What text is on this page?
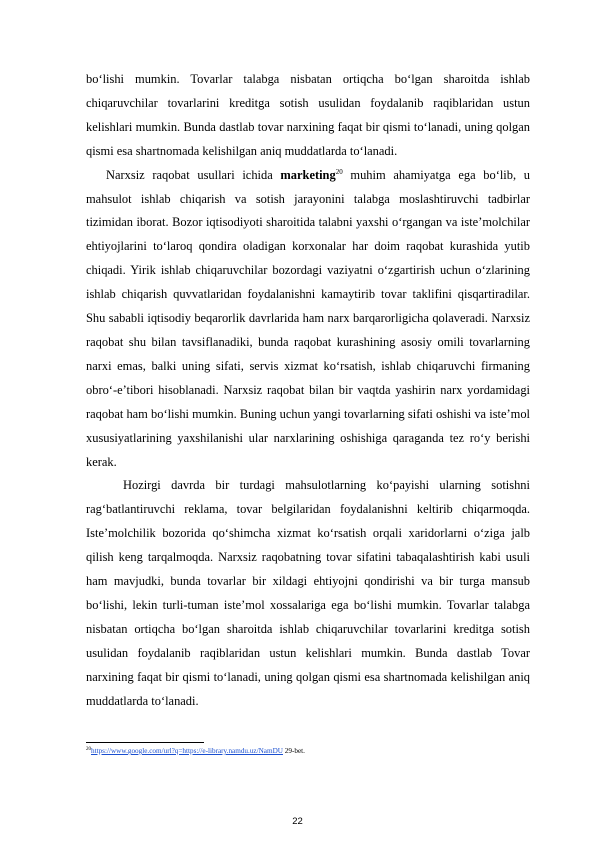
bo‘lishi mumkin. Tovarlar talabga nisbatan ortiqcha bo‘lgan sharoitda ishlab chiqaruvchilar tovarlarini kreditga sotish usulidan foydalanib raqiblaridan ustun kelishlari mumkin. Bunda dastlab tovar narxining faqat bir qismi to‘lanadi, uning qolgan qismi esa shartnomada kelishilgan aniq muddatlarda to‘lanadi.

Narxsiz raqobat usullari ichida marketing$^{20}$ muhim ahamiyatga ega bo‘lib, u mahsulot ishlab chiqarish va sotish jarayonini talabga moslashtiruvchi tadbirlar tizimidan iborat. Bozor iqtisodiyoti sharoitida talabni yaxshi o‘rgangan va iste’molchilar ehtiyojlarini to‘laroq qondira oladigan korxonalar har doim raqobat kurashida yutib chiqadi. Yirik ishlab chiqaruvchilar bozordagi vaziyatni o‘zgartirish uchun o‘zlarining ishlab chiqarish quvvatlaridan foydalanishni kamaytirib tovar taklifini qisqartiradilar. Shu sababli iqtisodiy beqarorlik davrlarida ham narx barqarorligicha qolaveradi. Narxsiz raqobat shu bilan tavsiflanadiki, bunda raqobat kurashining asosiy omili tovarlarning narxi emas, balki uning sifati, servis xizmat ko‘rsatish, ishlab chiqaruvchi firmaning obro‘-e’tibori hisoblanadi. Narxsiz raqobat bilan bir vaqtda yashirin narx yordamidagi raqobat ham bo‘lishi mumkin. Buning uchun yangi tovarlarning sifati oshishi va iste’mol xususiyatlarining yaxshilanishi ular narxlarining oshishiga qaraganda tez ro‘y berishi kerak.

Hozirgi davrda bir turdagi mahsulotlarning ko‘payishi ularning sotishni rag‘batlantiruvchi reklama, tovar belgilaridan foydalanishni keltirib chiqarmoqda. Iste’molchilik bozorida qo‘shimcha xizmat ko‘rsatish orqali xaridorlarni o‘ziga jalb qilish keng tarqalmoqda. Narxsiz raqobatning tovar sifatini tabaqalashtirish kabi usuli ham mavjudki, bunda tovarlar bir xildagi ehtiyojni qondirishi va bir turga mansub bo‘lishi, lekin turli-tuman iste’mol xossalariga ega bo‘lishi mumkin. Tovarlar talabga nisbatan ortiqcha bo‘lgan sharoitda ishlab chiqaruvchilar tovarlarini kreditga sotish usulidan foydalanib raqiblaridan ustun kelishlari mumkin. Bunda dastlab Tovar narxining faqat bir qismi to‘lanadi, uning qolgan qismi esa shartnomada kelishilgan aniq muddatlarda to‘lanadi.

$^{20}$https://www.google.com/url?q=https://e-library.namdu.uz/NamDU 29-bet.
22
